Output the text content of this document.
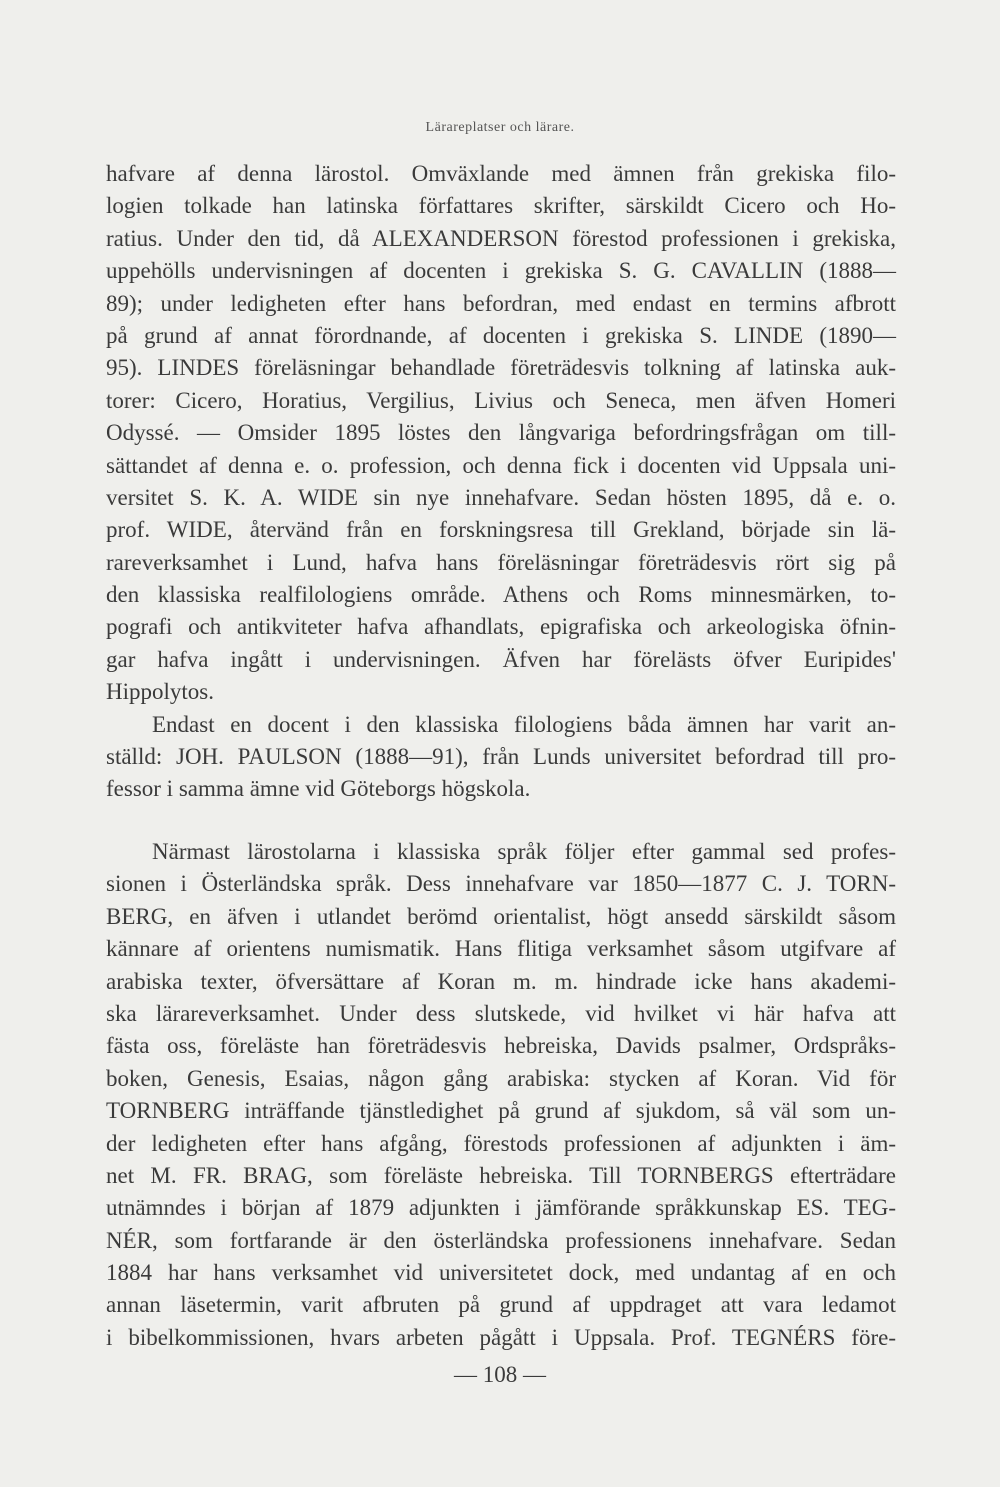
Lärareplatser och lärare.
hafvare af denna lärostol. Omväxlande med ämnen från grekiska filo-
logien tolkade han latinska författares skrifter, särskildt Cicero och Ho-
ratius. Under den tid, då ALEXANDERSON förestod professionen i grekiska,
uppehölls undervisningen af docenten i grekiska S. G. CAVALLIN (1888—
89); under ledigheten efter hans befordran, med endast en termins afbrott
på grund af annat förordnande, af docenten i grekiska S. LINDE (1890—
95). LINDES föreläsningar behandlade företrädesvis tolkning af latinska auk-
torer: Cicero, Horatius, Vergilius, Livius och Seneca, men äfven Homeri
Odyssé. — Omsider 1895 löstes den långvariga befordringsfrågan om till-
sättandet af denna e. o. profession, och denna fick i docenten vid Uppsala uni-
versitet S. K. A. WIDE sin nye innehafvare. Sedan hösten 1895, då e. o.
prof. WIDE, återvänd från en forskningsresa till Grekland, började sin lä-
rareverksamhet i Lund, hafva hans föreläsningar företrädesvis rört sig på
den klassiska realfilologiens område. Athens och Roms minnesmärken, to-
pografi och antikviteter hafva afhandlats, epigrafiska och arkeologiska öfnin-
gar hafva ingått i undervisningen. Äfven har förelästs öfver Euripides'
Hippolytos.
Endast en docent i den klassiska filologiens båda ämnen har varit an-
ställd: JOH. PAULSON (1888—91), från Lunds universitet befordrad till pro-
fessor i samma ämne vid Göteborgs högskola.
Närmast lärostolarna i klassiska språk följer efter gammal sed profes-
sionen i Österländska språk. Dess innehafvare var 1850—1877 C. J. TORN-
BERG, en äfven i utlandet berömd orientalist, högt ansedd särskildt såsom
kännare af orientens numismatik. Hans flitiga verksamhet såsom utgifvare af
arabiska texter, öfversättare af Koran m. m. hindrade icke hans akademi-
ska lärareverksamhet. Under dess slutskede, vid hvilket vi här hafva att
fästa oss, föreläste han företrädesvis hebreiska, Davids psalmer, Ordspråks-
boken, Genesis, Esaias, någon gång arabiska: stycken af Koran. Vid för
TORNBERG inträffande tjänstledighet på grund af sjukdom, så väl som un-
der ledigheten efter hans afgång, förestods professionen af adjunkten i äm-
net M. FR. BRAG, som föreläste hebreiska. Till TORNBERGS efterträdare
utnämndes i början af 1879 adjunkten i jämförande språkkunskap ES. TEG-
NÉR, som fortfarande är den österländska professionens innehafvare. Sedan
1884 har hans verksamhet vid universitetet dock, med undantag af en och
annan läsetermin, varit afbruten på grund af uppdraget att vara ledamot
i bibelkommissionen, hvars arbeten pågått i Uppsala. Prof. TEGNÉRS före-
— 108 —
